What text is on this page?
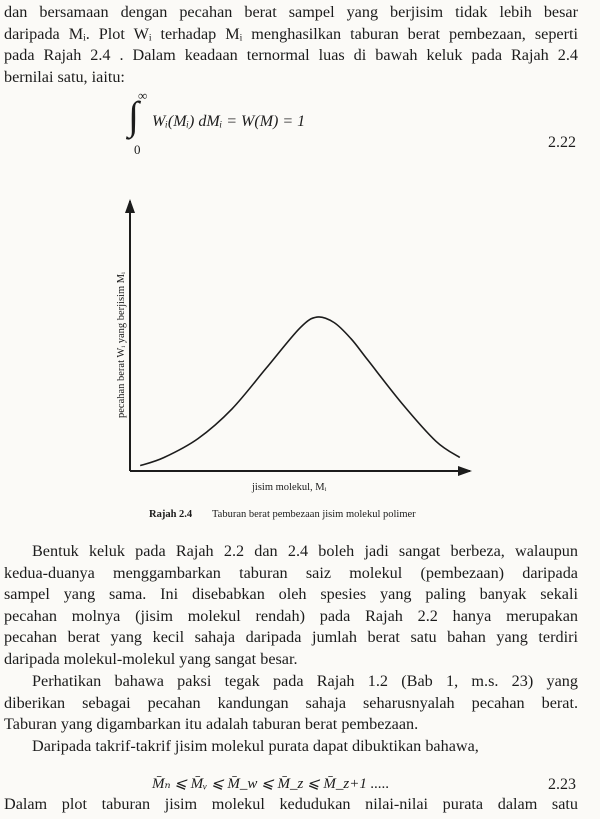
dan bersamaan dengan pecahan berat sampel yang berjisim tidak lebih besar
daripada Mᵢ. Plot Wᵢ terhadap Mᵢ menghasilkan taburan berat pembezaan, seperti
pada Rajah 2.4 . Dalam keadaan ternormal luas di bawah keluk pada Rajah 2.4
bernilai satu, iaitu:
∞
∫
0
Wᵢ(Mᵢ) dMᵢ = W(M) = 1
2.22
pecahan berat Wᵢ yang berjisim Mᵢ
jisim molekul, Mᵢ
Rajah 2.4 Taburan berat pembezaan jisim molekul polimer
Bentuk keluk pada Rajah 2.2 dan 2.4 boleh jadi sangat berbeza, walaupun
kedua-duanya menggambarkan taburan saiz molekul (pembezaan) daripada
sampel yang sama. Ini disebabkan oleh spesies yang paling banyak sekali
pecahan molnya (jisim molekul rendah) pada Rajah 2.2 hanya merupakan
pecahan berat yang kecil sahaja daripada jumlah berat satu bahan yang terdiri
daripada molekul-molekul yang sangat besar.
Perhatikan bahawa paksi tegak pada Rajah 1.2 (Bab 1, m.s. 23) yang
diberikan sebagai pecahan kandungan sahaja seharusnyalah pecahan berat.
Taburan yang digambarkan itu adalah taburan berat pembezaan.
Daripada takrif-takrif jisim molekul purata dapat dibuktikan bahawa,
M̄ₙ ⩽ M̄ᵥ ⩽ M̄_w ⩽ M̄_z ⩽ M̄_z+1 .....	2.23
Dalam plot taburan jisim molekul kedudukan nilai-nilai purata dalam satu
